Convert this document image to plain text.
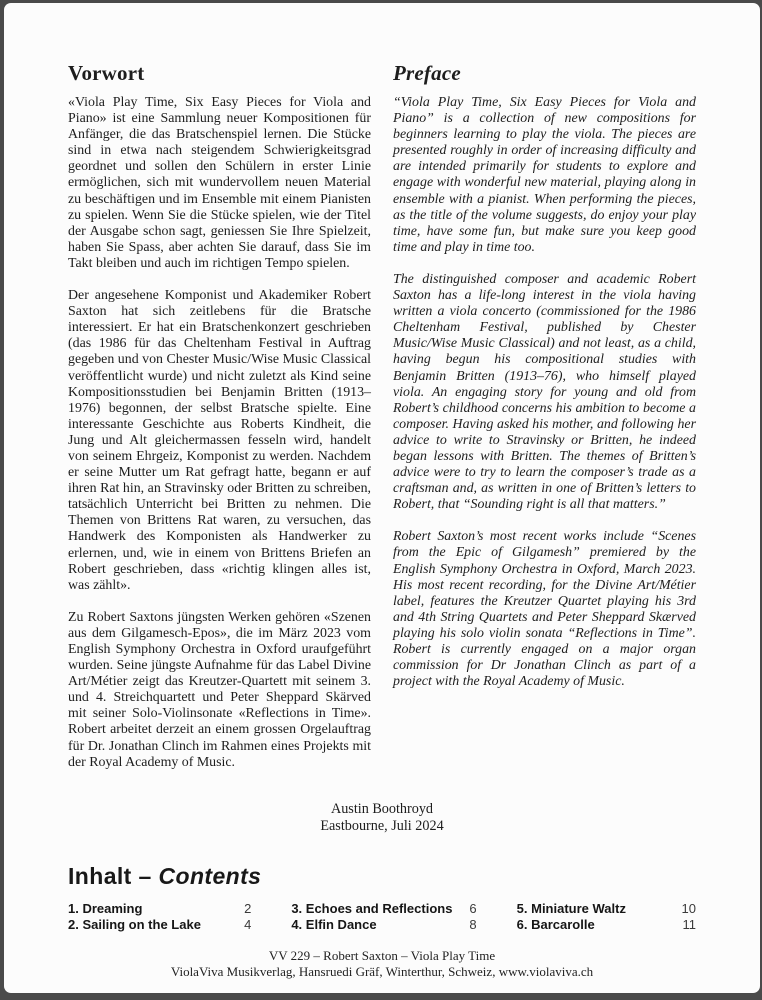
Vorwort

«Viola Play Time, Six Easy Pieces for Viola and Piano» ist eine Sammlung neuer Kompositionen für Anfänger, die das Bratschenspiel lernen. Die Stücke sind in etwa nach steigendem Schwierigkeitsgrad geordnet und sollen den Schülern in erster Linie ermöglichen, sich mit wundervollem neuen Material zu beschäftigen und im Ensemble mit einem Pianisten zu spielen. Wenn Sie die Stücke spielen, wie der Titel der Ausgabe schon sagt, geniessen Sie Ihre Spielzeit, haben Sie Spass, aber achten Sie darauf, dass Sie im Takt bleiben und auch im richtigen Tempo spielen.

Der angesehene Komponist und Akademiker Robert Saxton hat sich zeitlebens für die Bratsche interessiert. Er hat ein Bratschenkonzert geschrieben (das 1986 für das Cheltenham Festival in Auftrag gegeben und von Chester Music/Wise Music Classical veröffentlicht wurde) und nicht zuletzt als Kind seine Kompositionsstudien bei Benjamin Britten (1913–1976) begonnen, der selbst Bratsche spielte. Eine interessante Geschichte aus Roberts Kindheit, die Jung und Alt gleichermassen fesseln wird, handelt von seinem Ehrgeiz, Komponist zu werden. Nachdem er seine Mutter um Rat gefragt hatte, begann er auf ihren Rat hin, an Stravinsky oder Britten zu schreiben, tatsächlich Unterricht bei Britten zu nehmen. Die Themen von Brittens Rat waren, zu versuchen, das Handwerk des Komponisten als Handwerker zu erlernen, und, wie in einem von Brittens Briefen an Robert geschrieben, dass «richtig klingen alles ist, was zählt».

Zu Robert Saxtons jüngsten Werken gehören «Szenen aus dem Gilgamesch-Epos», die im März 2023 vom English Symphony Orchestra in Oxford uraufgeführt wurden. Seine jüngste Aufnahme für das Label Divine Art/Métier zeigt das Kreutzer-Quartett mit seinem 3. und 4. Streichquartett und Peter Sheppard Skärved mit seiner Solo-Violinsonate «Reflections in Time». Robert arbeitet derzeit an einem grossen Orgelauftrag für Dr. Jonathan Clinch im Rahmen eines Projekts mit der Royal Academy of Music.

Preface

“Viola Play Time, Six Easy Pieces for Viola and Piano” is a collection of new compositions for beginners learning to play the viola. The pieces are presented roughly in order of increasing difficulty and are intended primarily for students to explore and engage with wonderful new material, playing along in ensemble with a pianist. When performing the pieces, as the title of the volume suggests, do enjoy your play time, have some fun, but make sure you keep good time and play in time too.

The distinguished composer and academic Robert Saxton has a life-long interest in the viola having written a viola concerto (commissioned for the 1986 Cheltenham Festival, published by Chester Music/Wise Music Classical) and not least, as a child, having begun his compositional studies with Benjamin Britten (1913–76), who himself played viola. An engaging story for young and old from Robert’s childhood concerns his ambition to become a composer. Having asked his mother, and following her advice to write to Stravinsky or Britten, he indeed began lessons with Britten. The themes of Britten’s advice were to try to learn the composer’s trade as a craftsman and, as written in one of Britten’s letters to Robert, that “Sounding right is all that matters.”

Robert Saxton’s most recent works include “Scenes from the Epic of Gilgamesh” premiered by the English Symphony Orchestra in Oxford, March 2023. His most recent recording, for the Divine Art/Métier label, features the Kreutzer Quartet playing his 3rd and 4th String Quartets and Peter Sheppard Skærved playing his solo violin sonata “Reflections in Time”. Robert is currently engaged on a major organ commission for Dr Jonathan Clinch as part of a project with the Royal Academy of Music.

Austin Boothroyd
Eastbourne, Juli 2024
Inhalt – Contents
1. Dreaming	2
2. Sailing on the Lake	4
3. Echoes and Reflections 6
4. Elfin Dance	8
5. Miniature Waltz	10
6. Barcarolle	11
VV 229 – Robert Saxton – Viola Play Time
ViolaViva Musikverlag, Hansruedi Gräf, Winterthur, Schweiz, www.violaviva.ch
